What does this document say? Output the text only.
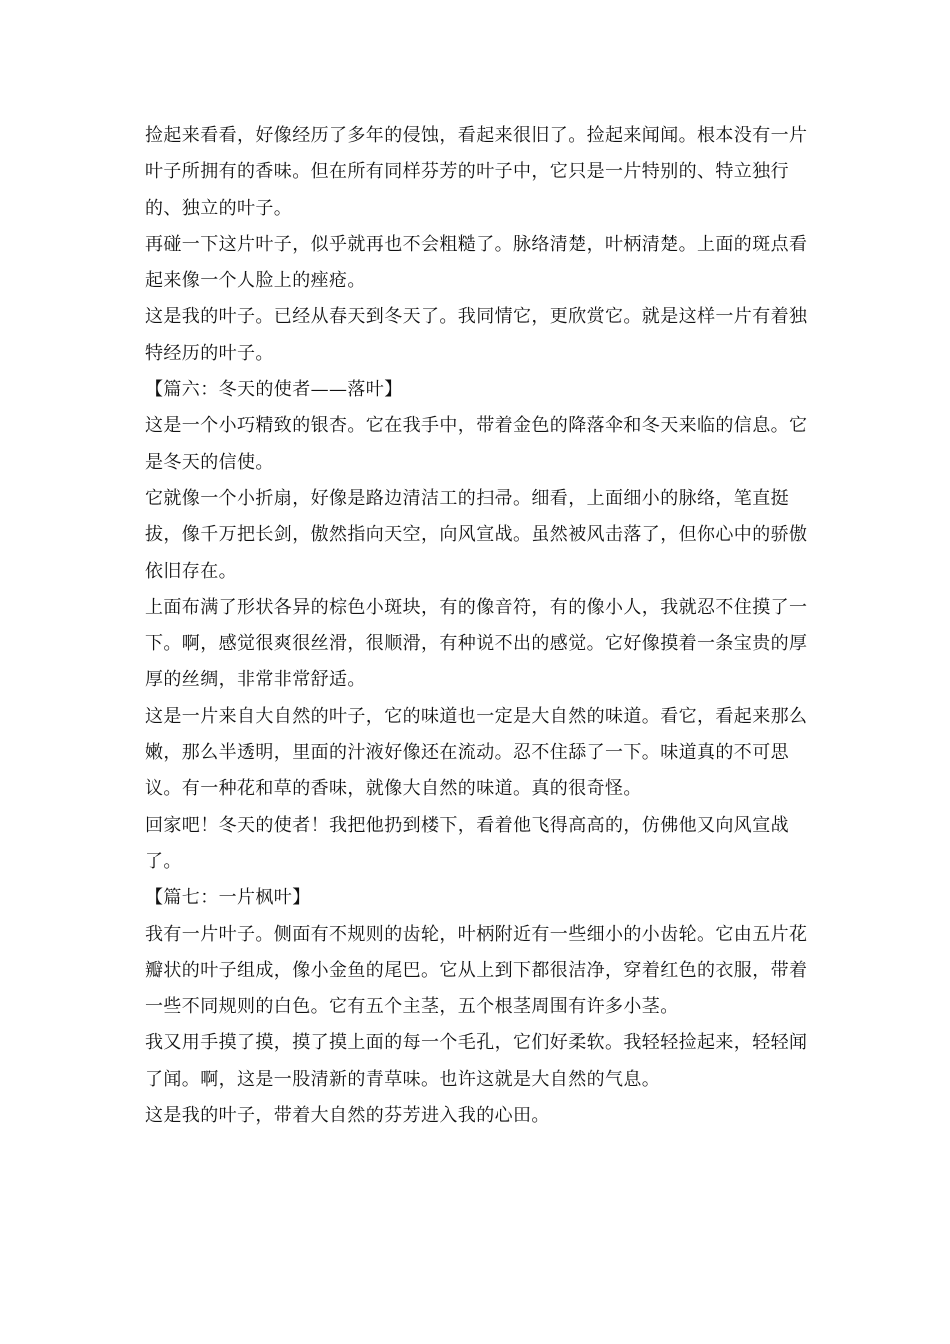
捡起来看看，好像经历了多年的侵蚀，看起来很旧了。捡起来闻闻。根本没有一片叶子所拥有的香味。但在所有同样芬芳的叶子中，它只是一片特别的、特立独行的、独立的叶子。

再碰一下这片叶子，似乎就再也不会粗糙了。脉络清楚，叶柄清楚。上面的斑点看起来像一个人脸上的痤疮。

这是我的叶子。已经从春天到冬天了。我同情它，更欣赏它。就是这样一片有着独特经历的叶子。

【篇六：冬天的使者——落叶】

这是一个小巧精致的银杏。它在我手中，带着金色的降落伞和冬天来临的信息。它是冬天的信使。

它就像一个小折扇，好像是路边清洁工的扫帚。细看，上面细小的脉络，笔直挺拔，像千万把长剑，傲然指向天空，向风宣战。虽然被风击落了，但你心中的骄傲依旧存在。

上面布满了形状各异的棕色小斑块，有的像音符，有的像小人，我就忍不住摸了一下。啊，感觉很爽很丝滑，很顺滑，有种说不出的感觉。它好像摸着一条宝贵的厚厚的丝绸，非常非常舒适。

这是一片来自大自然的叶子，它的味道也一定是大自然的味道。看它，看起来那么嫩，那么半透明，里面的汁液好像还在流动。忍不住舔了一下。味道真的不可思议。有一种花和草的香味，就像大自然的味道。真的很奇怪。

回家吧！冬天的使者！我把他扔到楼下，看着他飞得高高的，仿佛他又向风宣战了。

【篇七：一片枫叶】

我有一片叶子。侧面有不规则的齿轮，叶柄附近有一些细小的小齿轮。它由五片花瓣状的叶子组成，像小金鱼的尾巴。它从上到下都很洁净，穿着红色的衣服，带着一些不同规则的白色。它有五个主茎，五个根茎周围有许多小茎。

我又用手摸了摸，摸了摸上面的每一个毛孔，它们好柔软。我轻轻捡起来，轻轻闻了闻。啊，这是一股清新的青草味。也许这就是大自然的气息。

这是我的叶子，带着大自然的芬芳进入我的心田。
